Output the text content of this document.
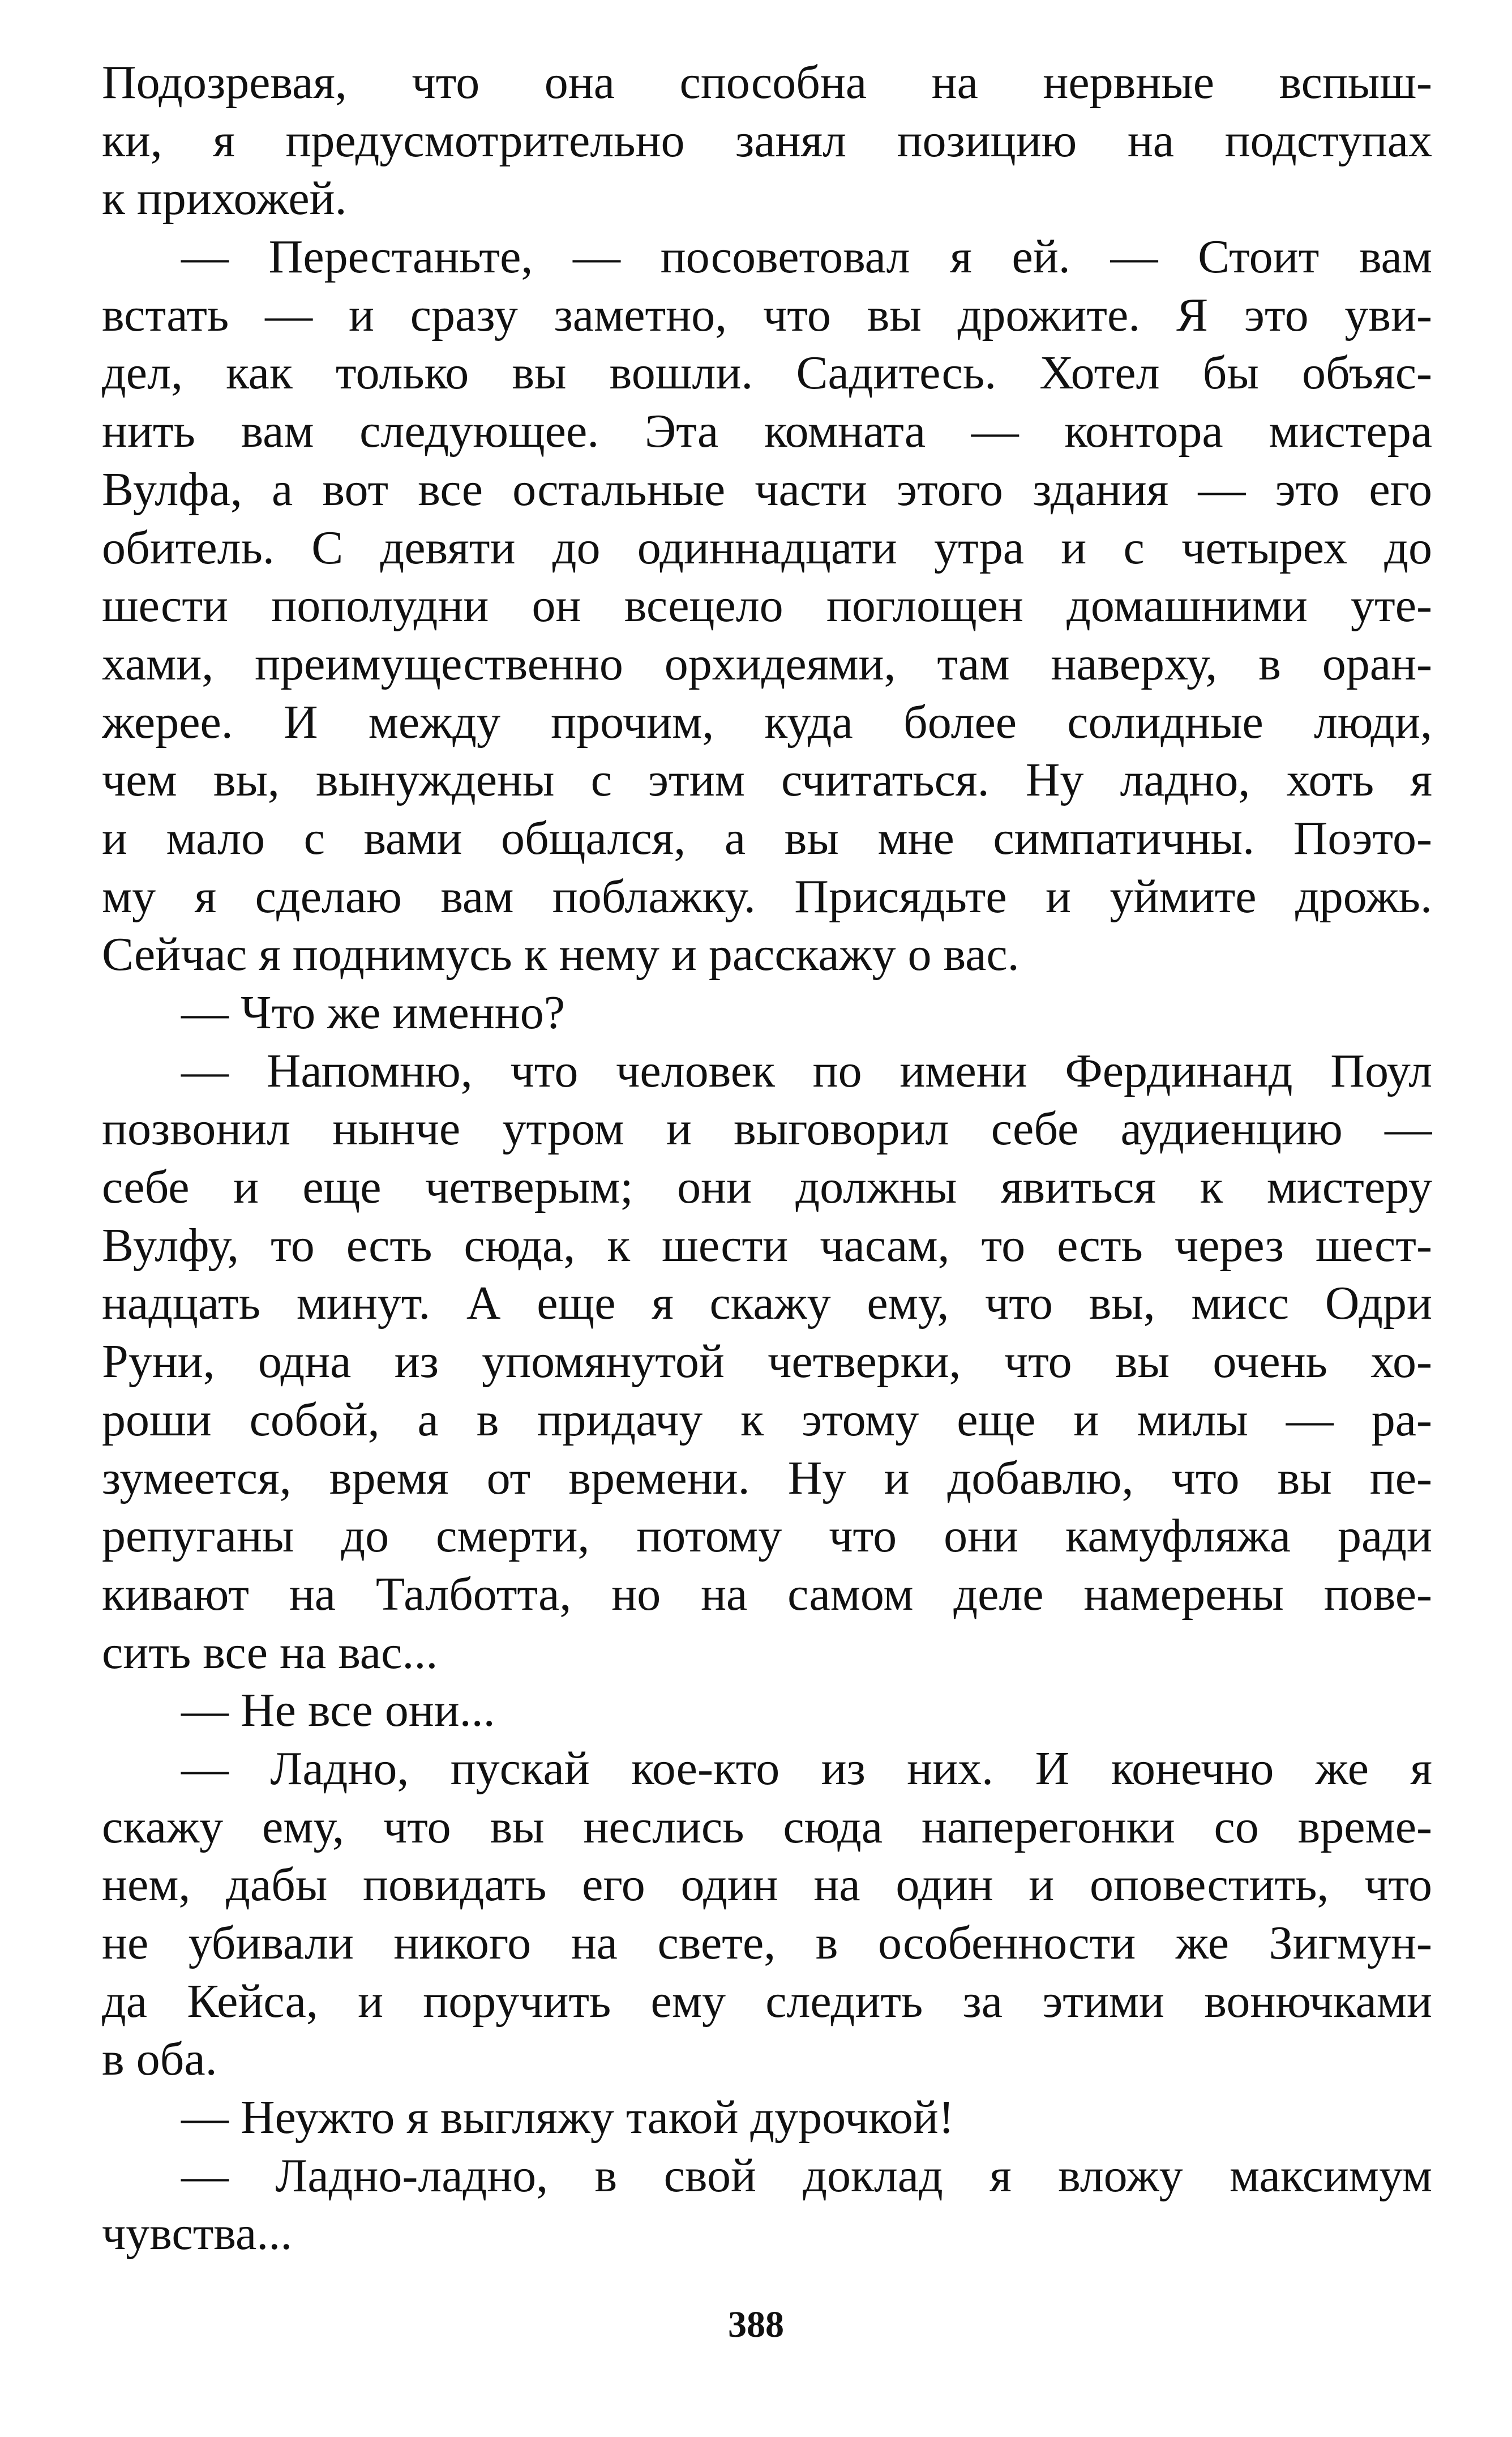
Подозревая, что она способна на нервные вспыш-
ки, я предусмотрительно занял позицию на подступах
к прихожей.
— Перестаньте, — посоветовал я ей. — Стоит вам
встать — и сразу заметно, что вы дрожите. Я это уви-
дел, как только вы вошли. Садитесь. Хотел бы объяс-
нить вам следующее. Эта комната — контора мистера
Вулфа, а вот все остальные части этого здания — это его
обитель. С девяти до одиннадцати утра и с четырех до
шести пополудни он всецело поглощен домашними уте-
хами, преимущественно орхидеями, там наверху, в оран-
жерее. И между прочим, куда более солидные люди,
чем вы, вынуждены с этим считаться. Ну ладно, хоть я
и мало с вами общался, а вы мне симпатичны. Поэто-
му я сделаю вам поблажку. Присядьте и уймите дрожь.
Сейчас я поднимусь к нему и расскажу о вас.
— Что же именно?
— Напомню, что человек по имени Фердинанд Поул
позвонил нынче утром и выговорил себе аудиенцию —
себе и еще четверым; они должны явиться к мистеру
Вулфу, то есть сюда, к шести часам, то есть через шест-
надцать минут. А еще я скажу ему, что вы, мисс Одри
Руни, одна из упомянутой четверки, что вы очень хо-
роши собой, а в придачу к этому еще и милы — ра-
зумеется, время от времени. Ну и добавлю, что вы пе-
репуганы до смерти, потому что они камуфляжа ради
кивают на Талботта, но на самом деле намерены пове-
сить все на вас...
— Не все они...
— Ладно, пускай кое-кто из них. И конечно же я
скажу ему, что вы неслись сюда наперегонки со време-
нем, дабы повидать его один на один и оповестить, что
не убивали никого на свете, в особенности же Зигмун-
да Кейса, и поручить ему следить за этими вонючками
в оба.
— Неужто я выгляжу такой дурочкой!
— Ладно-ладно, в свой доклад я вложу максимум
чувства...
388
